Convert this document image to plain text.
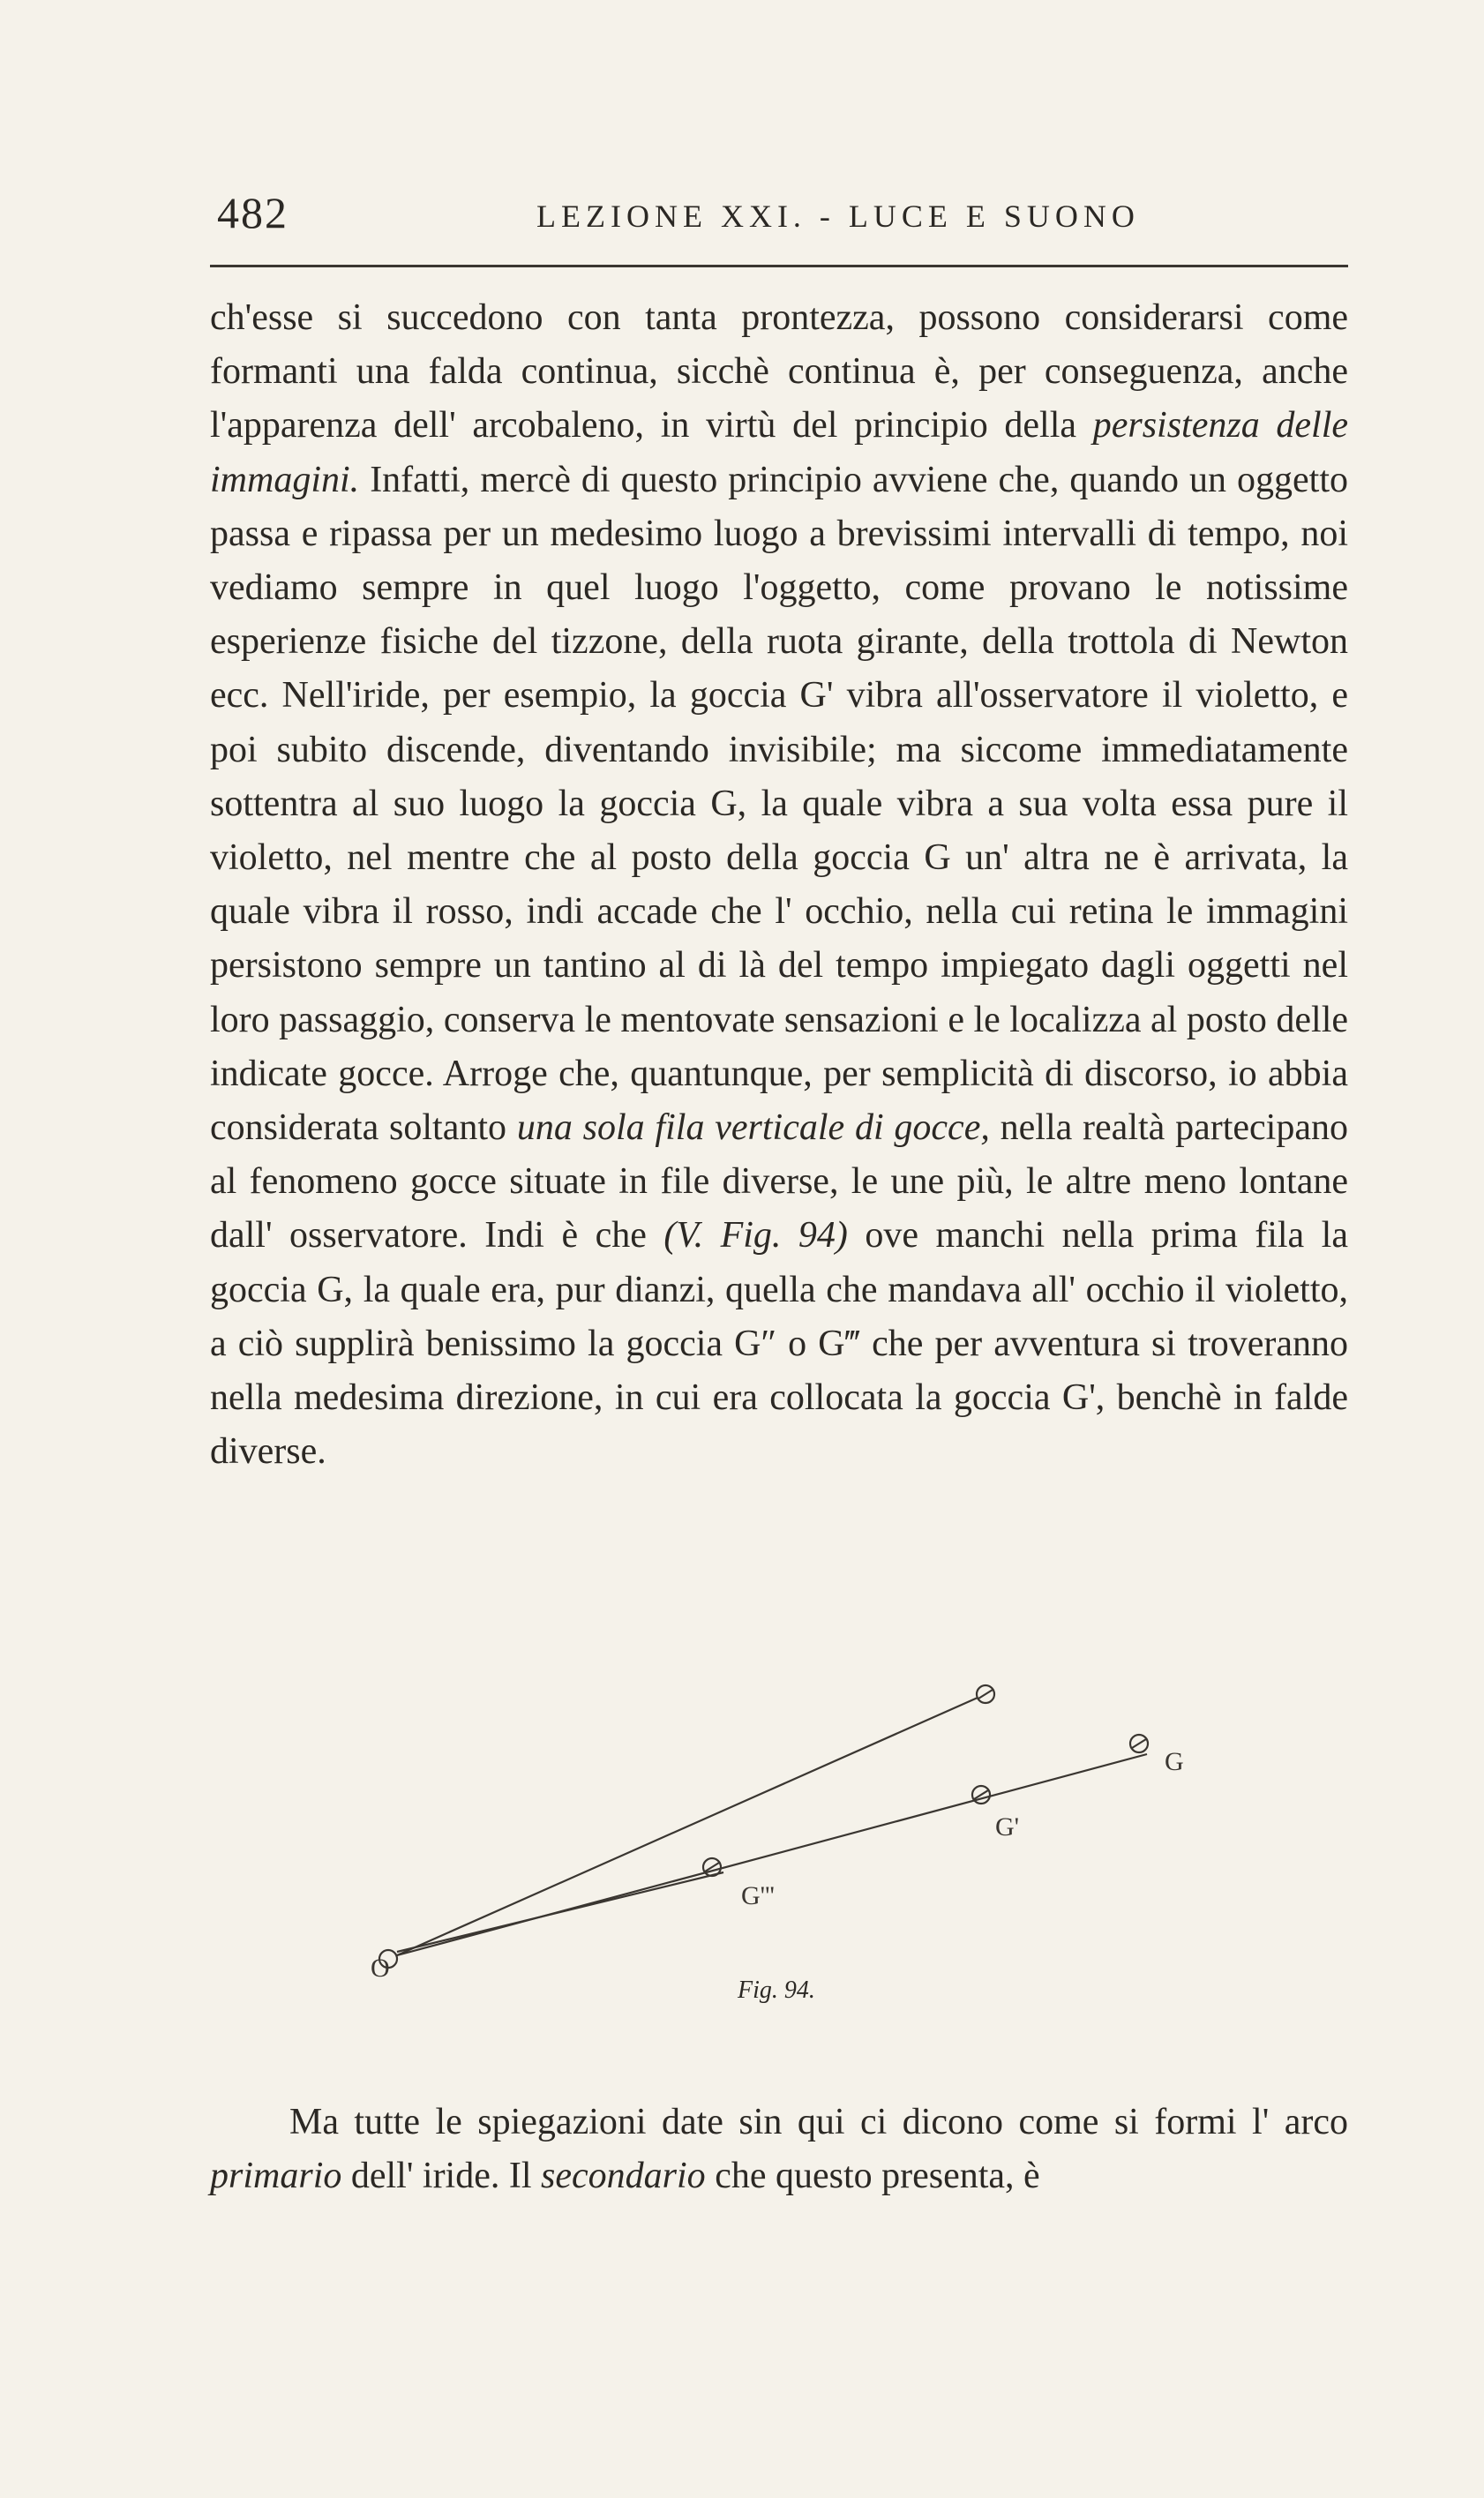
482	LEZIONE XXI. - LUCE E SUONO

ch'esse si succedono con tanta prontezza, possono considerarsi come formanti una falda continua, sicchè continua è, per conseguenza, anche l'apparenza dell' arcobaleno, in virtù del principio della persistenza delle immagini. Infatti, mercè di questo principio avviene che, quando un oggetto passa e ripassa per un medesimo luogo a brevissimi intervalli di tempo, noi vediamo sempre in quel luogo l'oggetto, come provano le notissime esperienze fisiche del tizzone, della ruota girante, della trottola di Newton ecc. Nell'iride, per esempio, la goccia G' vibra all'osservatore il violetto, e poi subito discende, diventando invisibile; ma siccome immediatamente sottentra al suo luogo la goccia G, la quale vibra a sua volta essa pure il violetto, nel mentre che al posto della goccia G un' altra ne è arrivata, la quale vibra il rosso, indi accade che l' occhio, nella cui retina le immagini persistono sempre un tantino al di là del tempo impiegato dagli oggetti nel loro passaggio, conserva le mentovate sensazioni e le localizza al posto delle indicate gocce. Arroge che, quantunque, per semplicità di discorso, io abbia considerata soltanto una sola fila verticale di gocce, nella realtà partecipano al fenomeno gocce situate in file diverse, le une più, le altre meno lontane dall' osservatore. Indi è che (V. Fig. 94) ove manchi nella prima fila la goccia G, la quale era, pur dianzi, quella che mandava all' occhio il violetto, a ciò supplirà benissimo la goccia G″ o G‴ che per avventura si troveranno nella medesima direzione, in cui era collocata la goccia G', benchè in falde diverse.

O
G
G'
G'''
Fig. 94.

Ma tutte le spiegazioni date sin qui ci dicono come si formi l' arco primario dell' iride. Il secondario che questo presenta, è
